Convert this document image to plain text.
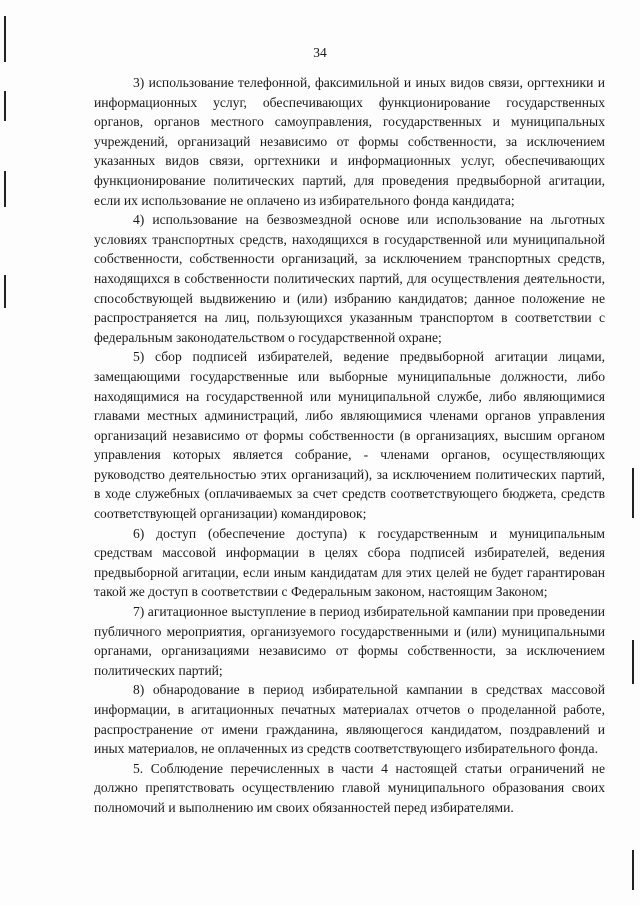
34

3) использование телефонной, факсимильной и иных видов связи, оргтехники и информационных услуг, обеспечивающих функционирование государственных органов, органов местного самоуправления, государственных и муниципальных учреждений, организаций независимо от формы собственности, за исключением указанных видов связи, оргтехники и информационных услуг, обеспечивающих функционирование политических партий, для проведения предвыборной агитации, если их использование не оплачено из избирательного фонда кандидата;

4) использование на безвозмездной основе или использование на льготных условиях транспортных средств, находящихся в государственной или муниципальной собственности, собственности организаций, за исключением транспортных средств, находящихся в собственности политических партий, для осуществления деятельности, способствующей выдвижению и (или) избранию кандидатов; данное положение не распространяется на лиц, пользующихся указанным транспортом в соответствии с федеральным законодательством о государственной охране;

5) сбор подписей избирателей, ведение предвыборной агитации лицами, замещающими государственные или выборные муниципальные должности, либо находящимися на государственной или муниципальной службе, либо являющимися главами местных администраций, либо являющимися членами органов управления организаций независимо от формы собственности (в организациях, высшим органом управления которых является собрание, - членами органов, осуществляющих руководство деятельностью этих организаций), за исключением политических партий, в ходе служебных (оплачиваемых за счет средств соответствующего бюджета, средств соответствующей организации) командировок;

6) доступ (обеспечение доступа) к государственным и муниципальным средствам массовой информации в целях сбора подписей избирателей, ведения предвыборной агитации, если иным кандидатам для этих целей не будет гарантирован такой же доступ в соответствии с Федеральным законом, настоящим Законом;

7) агитационное выступление в период избирательной кампании при проведении публичного мероприятия, организуемого государственными и (или) муниципальными органами, организациями независимо от формы собственности, за исключением политических партий;

8) обнародование в период избирательной кампании в средствах массовой информации, в агитационных печатных материалах отчетов о проделанной работе, распространение от имени гражданина, являющегося кандидатом, поздравлений и иных материалов, не оплаченных из средств соответствующего избирательного фонда.

5. Соблюдение перечисленных в части 4 настоящей статьи ограничений не должно препятствовать осуществлению главой муниципального образования своих полномочий и выполнению им своих обязанностей перед избирателями.
